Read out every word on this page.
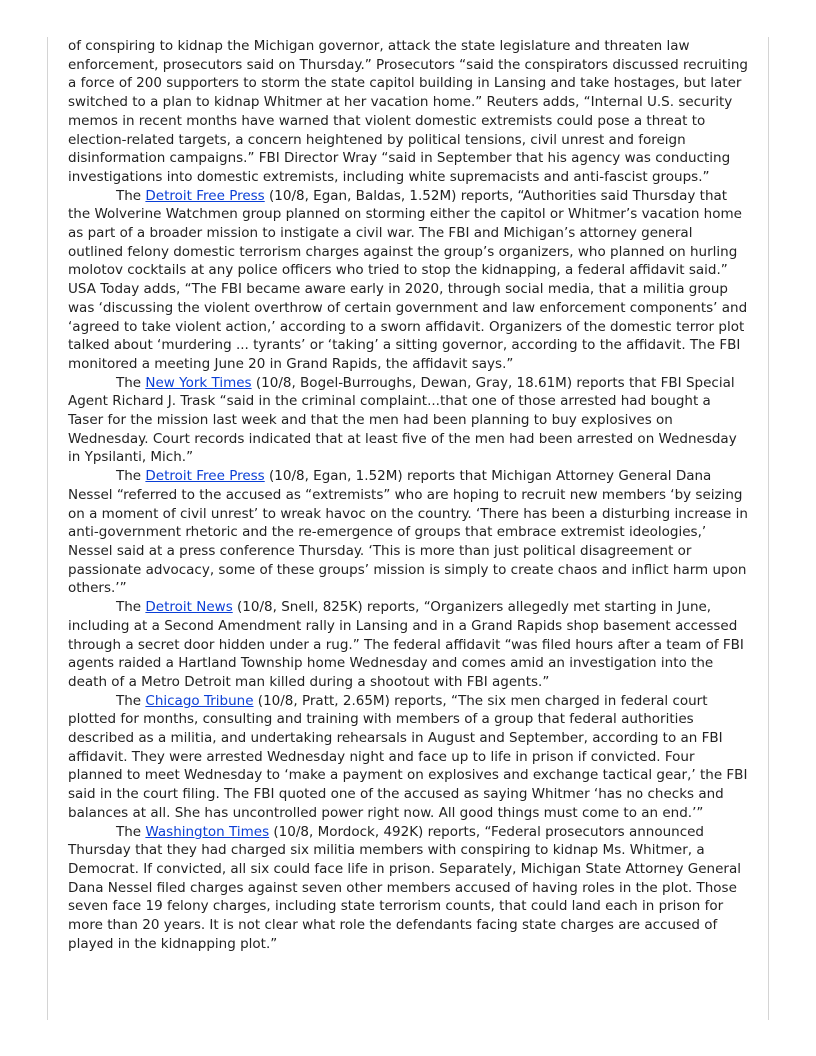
of conspiring to kidnap the Michigan governor, attack the state legislature and threaten law enforcement, prosecutors said on Thursday.” Prosecutors “said the conspirators discussed recruiting a force of 200 supporters to storm the state capitol building in Lansing and take hostages, but later switched to a plan to kidnap Whitmer at her vacation home.” Reuters adds, “Internal U.S. security memos in recent months have warned that violent domestic extremists could pose a threat to election-related targets, a concern heightened by political tensions, civil unrest and foreign disinformation campaigns.” FBI Director Wray “said in September that his agency was conducting investigations into domestic extremists, including white supremacists and anti-fascist groups.”

The Detroit Free Press (10/8, Egan, Baldas, 1.52M) reports, “Authorities said Thursday that the Wolverine Watchmen group planned on storming either the capitol or Whitmer’s vacation home as part of a broader mission to instigate a civil war. The FBI and Michigan’s attorney general outlined felony domestic terrorism charges against the group’s organizers, who planned on hurling molotov cocktails at any police officers who tried to stop the kidnapping, a federal affidavit said.” USA Today adds, “The FBI became aware early in 2020, through social media, that a militia group was ‘discussing the violent overthrow of certain government and law enforcement components’ and ‘agreed to take violent action,’ according to a sworn affidavit. Organizers of the domestic terror plot talked about ‘murdering ... tyrants’ or ‘taking’ a sitting governor, according to the affidavit. The FBI monitored a meeting June 20 in Grand Rapids, the affidavit says.”

The New York Times (10/8, Bogel-Burroughs, Dewan, Gray, 18.61M) reports that FBI Special Agent Richard J. Trask “said in the criminal complaint...that one of those arrested had bought a Taser for the mission last week and that the men had been planning to buy explosives on Wednesday. Court records indicated that at least five of the men had been arrested on Wednesday in Ypsilanti, Mich.”

The Detroit Free Press (10/8, Egan, 1.52M) reports that Michigan Attorney General Dana Nessel “referred to the accused as “extremists” who are hoping to recruit new members ‘by seizing on a moment of civil unrest’ to wreak havoc on the country. ‘There has been a disturbing increase in anti-government rhetoric and the re-emergence of groups that embrace extremist ideologies,’ Nessel said at a press conference Thursday. ‘This is more than just political disagreement or passionate advocacy, some of these groups’ mission is simply to create chaos and inflict harm upon others.’”

The Detroit News (10/8, Snell, 825K) reports, “Organizers allegedly met starting in June, including at a Second Amendment rally in Lansing and in a Grand Rapids shop basement accessed through a secret door hidden under a rug.” The federal affidavit “was filed hours after a team of FBI agents raided a Hartland Township home Wednesday and comes amid an investigation into the death of a Metro Detroit man killed during a shootout with FBI agents.”

The Chicago Tribune (10/8, Pratt, 2.65M) reports, “The six men charged in federal court plotted for months, consulting and training with members of a group that federal authorities described as a militia, and undertaking rehearsals in August and September, according to an FBI affidavit. They were arrested Wednesday night and face up to life in prison if convicted. Four planned to meet Wednesday to ‘make a payment on explosives and exchange tactical gear,’ the FBI said in the court filing. The FBI quoted one of the accused as saying Whitmer ‘has no checks and balances at all. She has uncontrolled power right now. All good things must come to an end.’”

The Washington Times (10/8, Mordock, 492K) reports, “Federal prosecutors announced Thursday that they had charged six militia members with conspiring to kidnap Ms. Whitmer, a Democrat. If convicted, all six could face life in prison. Separately, Michigan State Attorney General Dana Nessel filed charges against seven other members accused of having roles in the plot. Those seven face 19 felony charges, including state terrorism counts, that could land each in prison for more than 20 years. It is not clear what role the defendants facing state charges are accused of played in the kidnapping plot.”
